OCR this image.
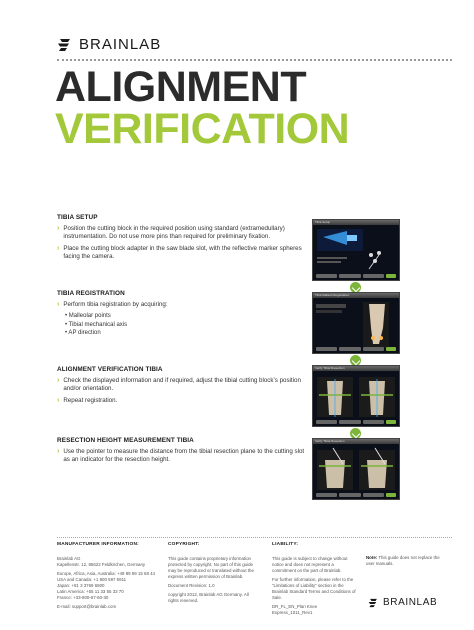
BRAINLAB
ALIGNMENT
VERIFICATION
TIBIA SETUP
› Position the cutting block in the required position using standard (extramedullary) instrumentation. Do not use more pins than required for preliminary fixation.
› Place the cutting block adapter in the saw blade slot, with the reflective marker spheres facing the camera.
TIBIA REGISTRATION
› Perform tibia registration by acquiring:
• Malleolar points
• Tibial mechanical axis
• AP direction
ALIGNMENT VERIFICATION TIBIA
› Check the displayed information and if required, adjust the tibial cutting block’s position and/or orientation.
› Repeat registration.
RESECTION HEIGHT MEASUREMENT TIBIA
› Use the pointer to measure the distance from the tibial resection plane to the cutting slot as an indicator for the resection height.
Tibia Setup
Tibia Malleoli Registration
Verify Tibial Resection
Verify Tibial Resection
MANUFACTURER INFORMATION:

Brainlab AG
Kapellenstr. 12, 85622 Feldkirchen, Germany

Europe, Africa, Asia, Australia: +49 89 99 15 68 44
USA and Canada: +1 800 597 5911
Japan: +81 3 3769 6900
Latin America: +55 11 33 55 33 70
France: +33-800-67-60-30

E-mail: support@brainlab.com

COPYRIGHT:

This guide contains proprietary information protected by copyright. No part of this guide may be reproduced or translated without the express written permission of Brainlab.

Document Revision: 1.0

copyright 2012, Brainlab AG Germany. All rights reserved.

LIABILITY:

This guide is subject to change without notice and does not represent a commitment on the part of Brainlab.

For further information, please refer to the “Limitations of Liability” section in the Brainlab Standard Terms and Conditions of Sale.

DR_FL_EN_Plan Knee Express_1011_Rev1

Note: This guide does not replace the user manuals.

BRAINLAB
